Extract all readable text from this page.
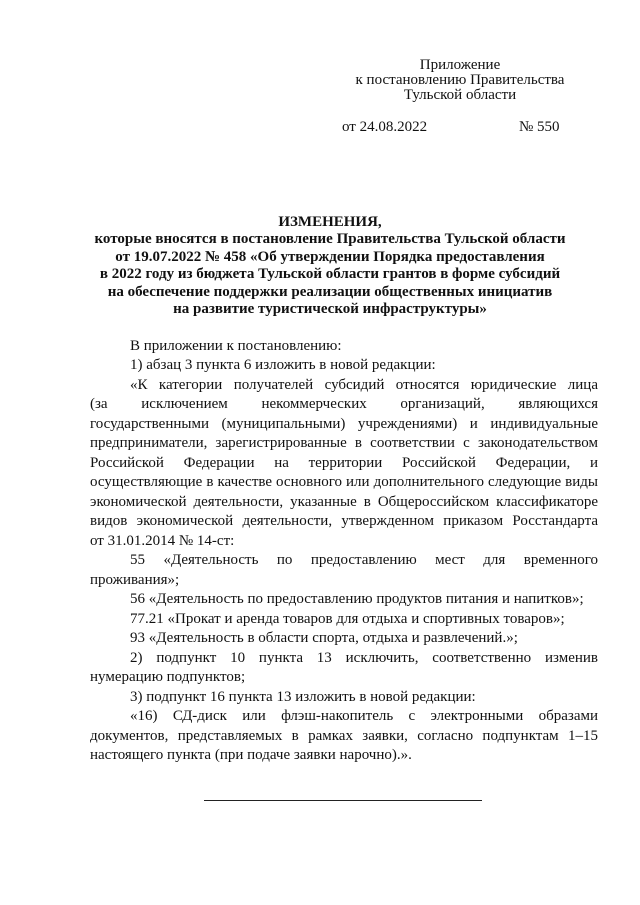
Приложение
к постановлению Правительства
Тульской области
от 24.08.2022	№ 550
ИЗМЕНЕНИЯ,
которые вносятся в постановление Правительства Тульской области
от 19.07.2022 № 458 «Об утверждении Порядка предоставления
в 2022 году из бюджета Тульской области грантов в форме субсидий
на обеспечение поддержки реализации общественных инициатив
на развитие туристической инфраструктуры»
В приложении к постановлению:
1) абзац 3 пункта 6 изложить в новой редакции:
«К категории получателей субсидий относятся юридические лица
(за исключением некоммерческих организаций, являющихся
государственными (муниципальными) учреждениями) и индивидуальные
предприниматели, зарегистрированные в соответствии с законодательством
Российской Федерации на территории Российской Федерации, и
осуществляющие в качестве основного или дополнительного следующие виды
экономической деятельности, указанные в Общероссийском классификаторе
видов экономической деятельности, утвержденном приказом Росстандарта
от 31.01.2014 № 14-ст:
55 «Деятельность по предоставлению мест для временного
проживания»;
56 «Деятельность по предоставлению продуктов питания и напитков»;
77.21 «Прокат и аренда товаров для отдыха и спортивных товаров»;
93 «Деятельность в области спорта, отдыха и развлечений.»;
2) подпункт 10 пункта 13 исключить, соответственно изменив
нумерацию подпунктов;
3) подпункт 16 пункта 13 изложить в новой редакции:
«16) СД-диск или флэш-накопитель с электронными образами
документов, представляемых в рамках заявки, согласно подпунктам 1–15
настоящего пункта (при подаче заявки нарочно).».
